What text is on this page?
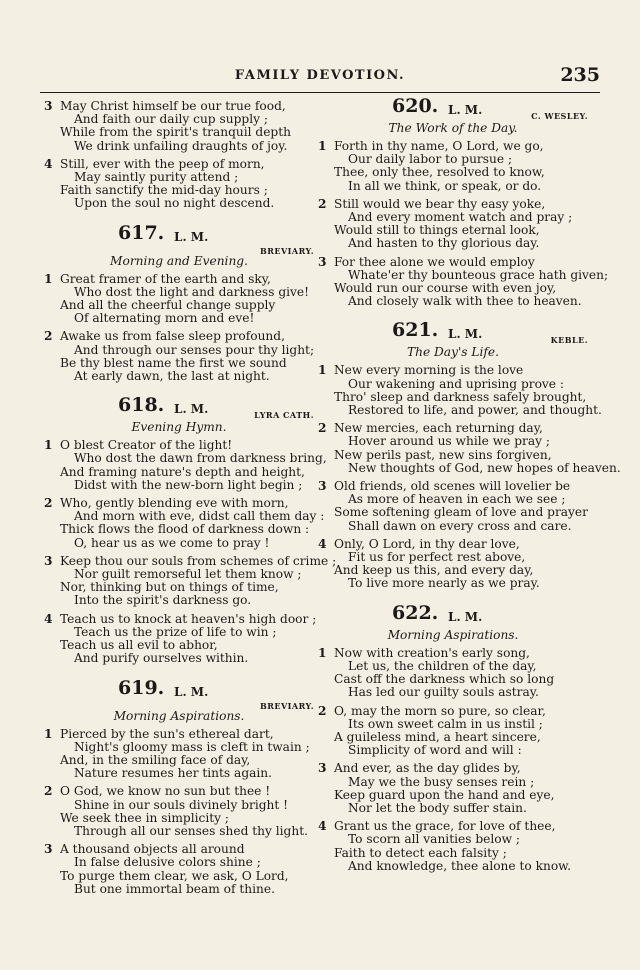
FAMILY DEVOTION.	235
3 May Christ himself be our true food,
And faith our daily cup supply ;
While from the spirit's tranquil depth
We drink unfailing draughts of joy.
4 Still, ever with the peep of morn,
May saintly purity attend ;
Faith sanctify the mid-day hours ;
Upon the soul no night descend.
617. L. M.
BREVIARY.
Morning and Evening.
1 Great framer of the earth and sky,
Who dost the light and darkness give!
And all the cheerful change supply
Of alternating morn and eve!
2 Awake us from false sleep profound,
And through our senses pour thy light;
Be thy blest name the first we sound
At early dawn, the last at night.
618. L. M.	LYRA CATH.
Evening Hymn.
1 O blest Creator of the light!
Who dost the dawn from darkness bring,
And framing nature's depth and height,
Didst with the new-born light begin ;
2 Who, gently blending eve with morn,
And morn with eve, didst call them day :
Thick flows the flood of darkness down :
O, hear us as we come to pray !
3 Keep thou our souls from schemes of crime ;
Nor guilt remorseful let them know ;
Nor, thinking but on things of time,
Into the spirit's darkness go.
4 Teach us to knock at heaven's high door ;
Teach us the prize of life to win ;
Teach us all evil to abhor,
And purify ourselves within.
619. L. M.
BREVIARY.
Morning Aspirations.
1 Pierced by the sun's ethereal dart,
Night's gloomy mass is cleft in twain ;
And, in the smiling face of day,
Nature resumes her tints again.
2 O God, we know no sun but thee !
Shine in our souls divinely bright !
We seek thee in simplicity ;
Through all our senses shed thy light.
3 A thousand objects all around
In false delusive colors shine ;
To purge them clear, we ask, O Lord,
But one immortal beam of thine.
620. L. M.	C. WESLEY.
The Work of the Day.
1 Forth in thy name, O Lord, we go,
Our daily labor to pursue ;
Thee, only thee, resolved to know,
In all we think, or speak, or do.
2 Still would we bear thy easy yoke,
And every moment watch and pray ;
Would still to things eternal look,
And hasten to thy glorious day.
3 For thee alone we would employ
Whate'er thy bounteous grace hath given;
Would run our course with even joy,
And closely walk with thee to heaven.
621. L. M.	KEBLE.
The Day's Life.
1 New every morning is the love
Our wakening and uprising prove :
Thro' sleep and darkness safely brought,
Restored to life, and power, and thought.
2 New mercies, each returning day,
Hover around us while we pray ;
New perils past, new sins forgiven,
New thoughts of God, new hopes of heaven.
3 Old friends, old scenes will lovelier be
As more of heaven in each we see ;
Some softening gleam of love and prayer
Shall dawn on every cross and care.
4 Only, O Lord, in thy dear love,
Fit us for perfect rest above,
And keep us this, and every day,
To live more nearly as we pray.
622. L. M.
Morning Aspirations.
1 Now with creation's early song,
Let us, the children of the day,
Cast off the darkness which so long
Has led our guilty souls astray.
2 O, may the morn so pure, so clear,
Its own sweet calm in us instil ;
A guileless mind, a heart sincere,
Simplicity of word and will :
3 And ever, as the day glides by,
May we the busy senses rein ;
Keep guard upon the hand and eye,
Nor let the body suffer stain.
4 Grant us the grace, for love of thee,
To scorn all vanities below ;
Faith to detect each falsity ;
And knowledge, thee alone to know.
